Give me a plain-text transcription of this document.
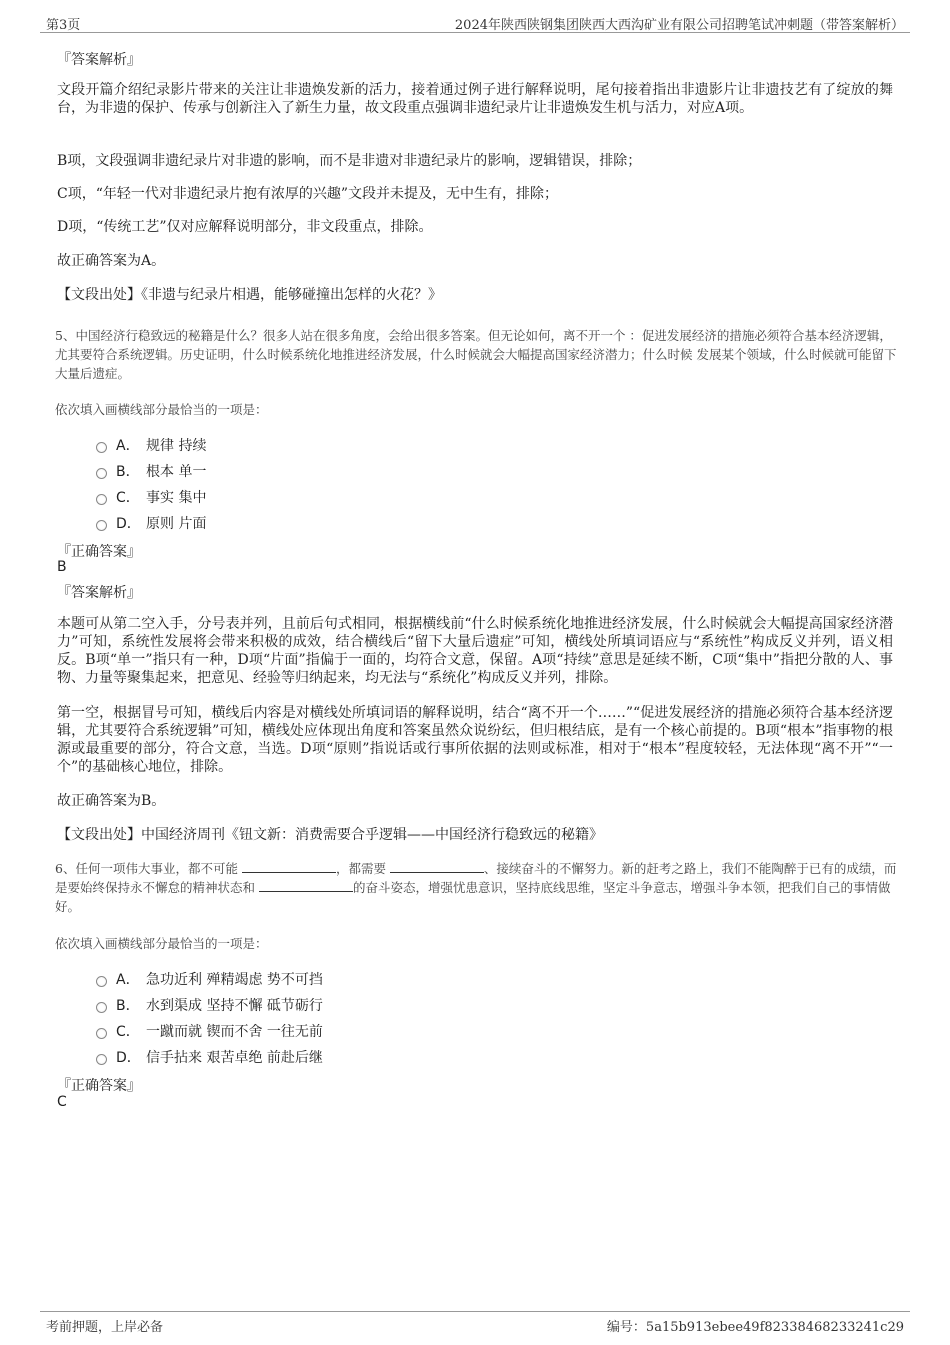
第3页	2024年陕西陕钢集团陕西大西沟矿业有限公司招聘笔试冲刺题（带答案解析）
『答案解析』

文段开篇介绍纪录影片带来的关注让非遗焕发新的活力，接着通过例子进行解释说明，尾句接着指出非遗影片让非遗技艺有了绽放的舞台，为非遗的保护、传承与创新注入了新生力量，故文段重点强调非遗纪录片让非遗焕发生机与活力，对应A项。

B项，文段强调非遗纪录片对非遗的影响，而不是非遗对非遗纪录片的影响，逻辑错误，排除；

C项，“年轻一代对非遗纪录片抱有浓厚的兴趣”文段并未提及，无中生有，排除；

D项，“传统工艺”仅对应解释说明部分，非文段重点，排除。

故正确答案为A。

【文段出处】《非遗与纪录片相遇，能够碰撞出怎样的火花？》

5、中国经济行稳致远的秘籍是什么？很多人站在很多角度，会给出很多答案。但无论如何，离不开一个 ：促进发展经济的措施必须符合基本经济逻辑，尤其要符合系统逻辑。历史证明，什么时候系统化地推进经济发展，什么时候就会大幅提高国家经济潜力；什么时候 发展某个领域，什么时候就可能留下大量后遗症。

依次填入画横线部分最恰当的一项是：
A． 规律 持续
B． 根本 单一
C． 事实 集中
D． 原则 片面
『正确答案』
B
『答案解析』

本题可从第二空入手，分号表并列，且前后句式相同，根据横线前“什么时候系统化地推进经济发展，什么时候就会大幅提高国家经济潜力”可知，系统性发展将会带来积极的成效，结合横线后“留下大量后遗症”可知，横线处所填词语应与“系统性”构成反义并列，语义相反。B项“单一”指只有一种，D项“片面”指偏于一面的，均符合文意，保留。A项“持续”意思是延续不断，C项“集中”指把分散的人、事物、力量等聚集起来，把意见、经验等归纳起来，均无法与“系统化”构成反义并列，排除。

第一空，根据冒号可知，横线后内容是对横线处所填词语的解释说明，结合“离不开一个……”“促进发展经济的措施必须符合基本经济逻辑，尤其要符合系统逻辑”可知，横线处应体现出角度和答案虽然众说纷纭，但归根结底，是有一个核心前提的。B项“根本”指事物的根源或最重要的部分，符合文意，当选。D项“原则”指说话或行事所依据的法则或标准，相对于“根本”程度较轻，无法体现“离不开”“一个”的基础核心地位，排除。

故正确答案为B。

【文段出处】中国经济周刊《钮文新：消费需要合乎逻辑——中国经济行稳致远的秘籍》

6、任何一项伟大事业，都不可能	，都需要	、接续奋斗的不懈努力。新的赶考之路上，我们不能陶醉于已有的成绩，而是要始终保持永不懈怠的精神状态和	的奋斗姿态，增强忧患意识，坚持底线思维，坚定斗争意志，增强斗争本领，把我们自己的事情做好。

依次填入画横线部分最恰当的一项是：
A． 急功近利 殚精竭虑 势不可挡
B． 水到渠成 坚持不懈 砥节砺行
C． 一蹴而就 锲而不舍 一往无前
D． 信手拈来 艰苦卓绝 前赴后继
『正确答案』
C
考前押题，上岸必备	编号：5a15b913ebee49f82338468233241c29
